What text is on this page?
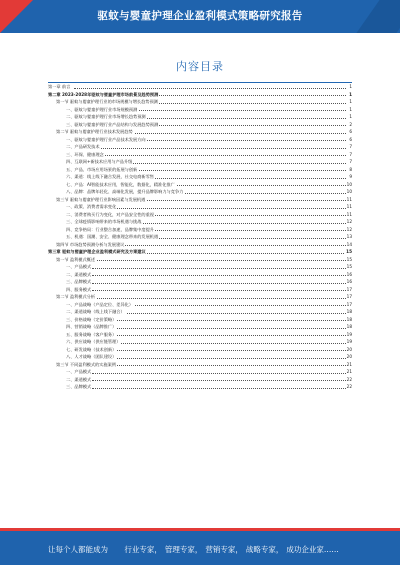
驱蚊与婴童护理企业盈利模式策略研究报告
内容目录
第一章 前言	1
第二章 2023-2028年驱蚊与婴童护理市场前景及趋势预测	1
第一节 驱蚊与婴童护理行业的市场规模与增长趋势预测	1
一、驱蚊与婴童护理行业市场规模预测	1
二、驱蚊与婴童护理行业市场增长趋势预测	1
三、驱蚊与婴童护理行业产品结构与发展趋势预测	2
第二节 驱蚊与婴童护理行业技术发展趋势	6
一、驱蚊与婴童护理行业产品技术发展方向	6
二、产品研发技术	7
三、环保、健康理念	7
四、互联网+新技术应用与产品升级	7
五、产品、市场应用场景的拓展与创新	8
六、渠道：线上线下融合发展，社交电商新零售	9
七、产品：AI智能技术应用，智能化，数据化，精准化推广	10
八、品牌：品牌年轻化、高端化发展，提升品牌影响力与竞争力	10
第三节 驱蚊与婴童护理行业影响因素与发展机遇	11
一、政策、消费者需求变化	11
二、消费者购买行为变化，对产品安全性的重视	11
三、全球疫情影响带来的市场机遇与挑战	12
四、竞争格局：行业整合加速，品牌集中度提升	12
五、机遇：国潮、安全、健康理念带来的发展机遇	13
第四节 市场趋势预测分析与发展建议	14
第三章 驱蚊与婴童护理企业盈利模式研究及方案建议	15
第一节 盈利模式概述	15
一、产品模式	15
二、渠道模式	16
三、品牌模式	16
四、服务模式	17
第二节 盈利模式分析	17
一、产品战略（产品定位、差异化）	17
二、渠道战略（线上线下融合）	18
三、价格战略（定价策略）	18
四、营销战略（品牌推广）	18
五、服务战略（客户服务）	19
六、供应战略（供应链管理）	19
七、研发战略（技术创新）	20
八、人才战略（团队建设）	20
第三节 不同盈利模式的实施案例	21
一、产品模式	21
二、渠道模式	22
三、品牌模式	22
让每个人都能成为 行业专家， 管理专家， 营销专家， 战略专家， 成功企业家……
